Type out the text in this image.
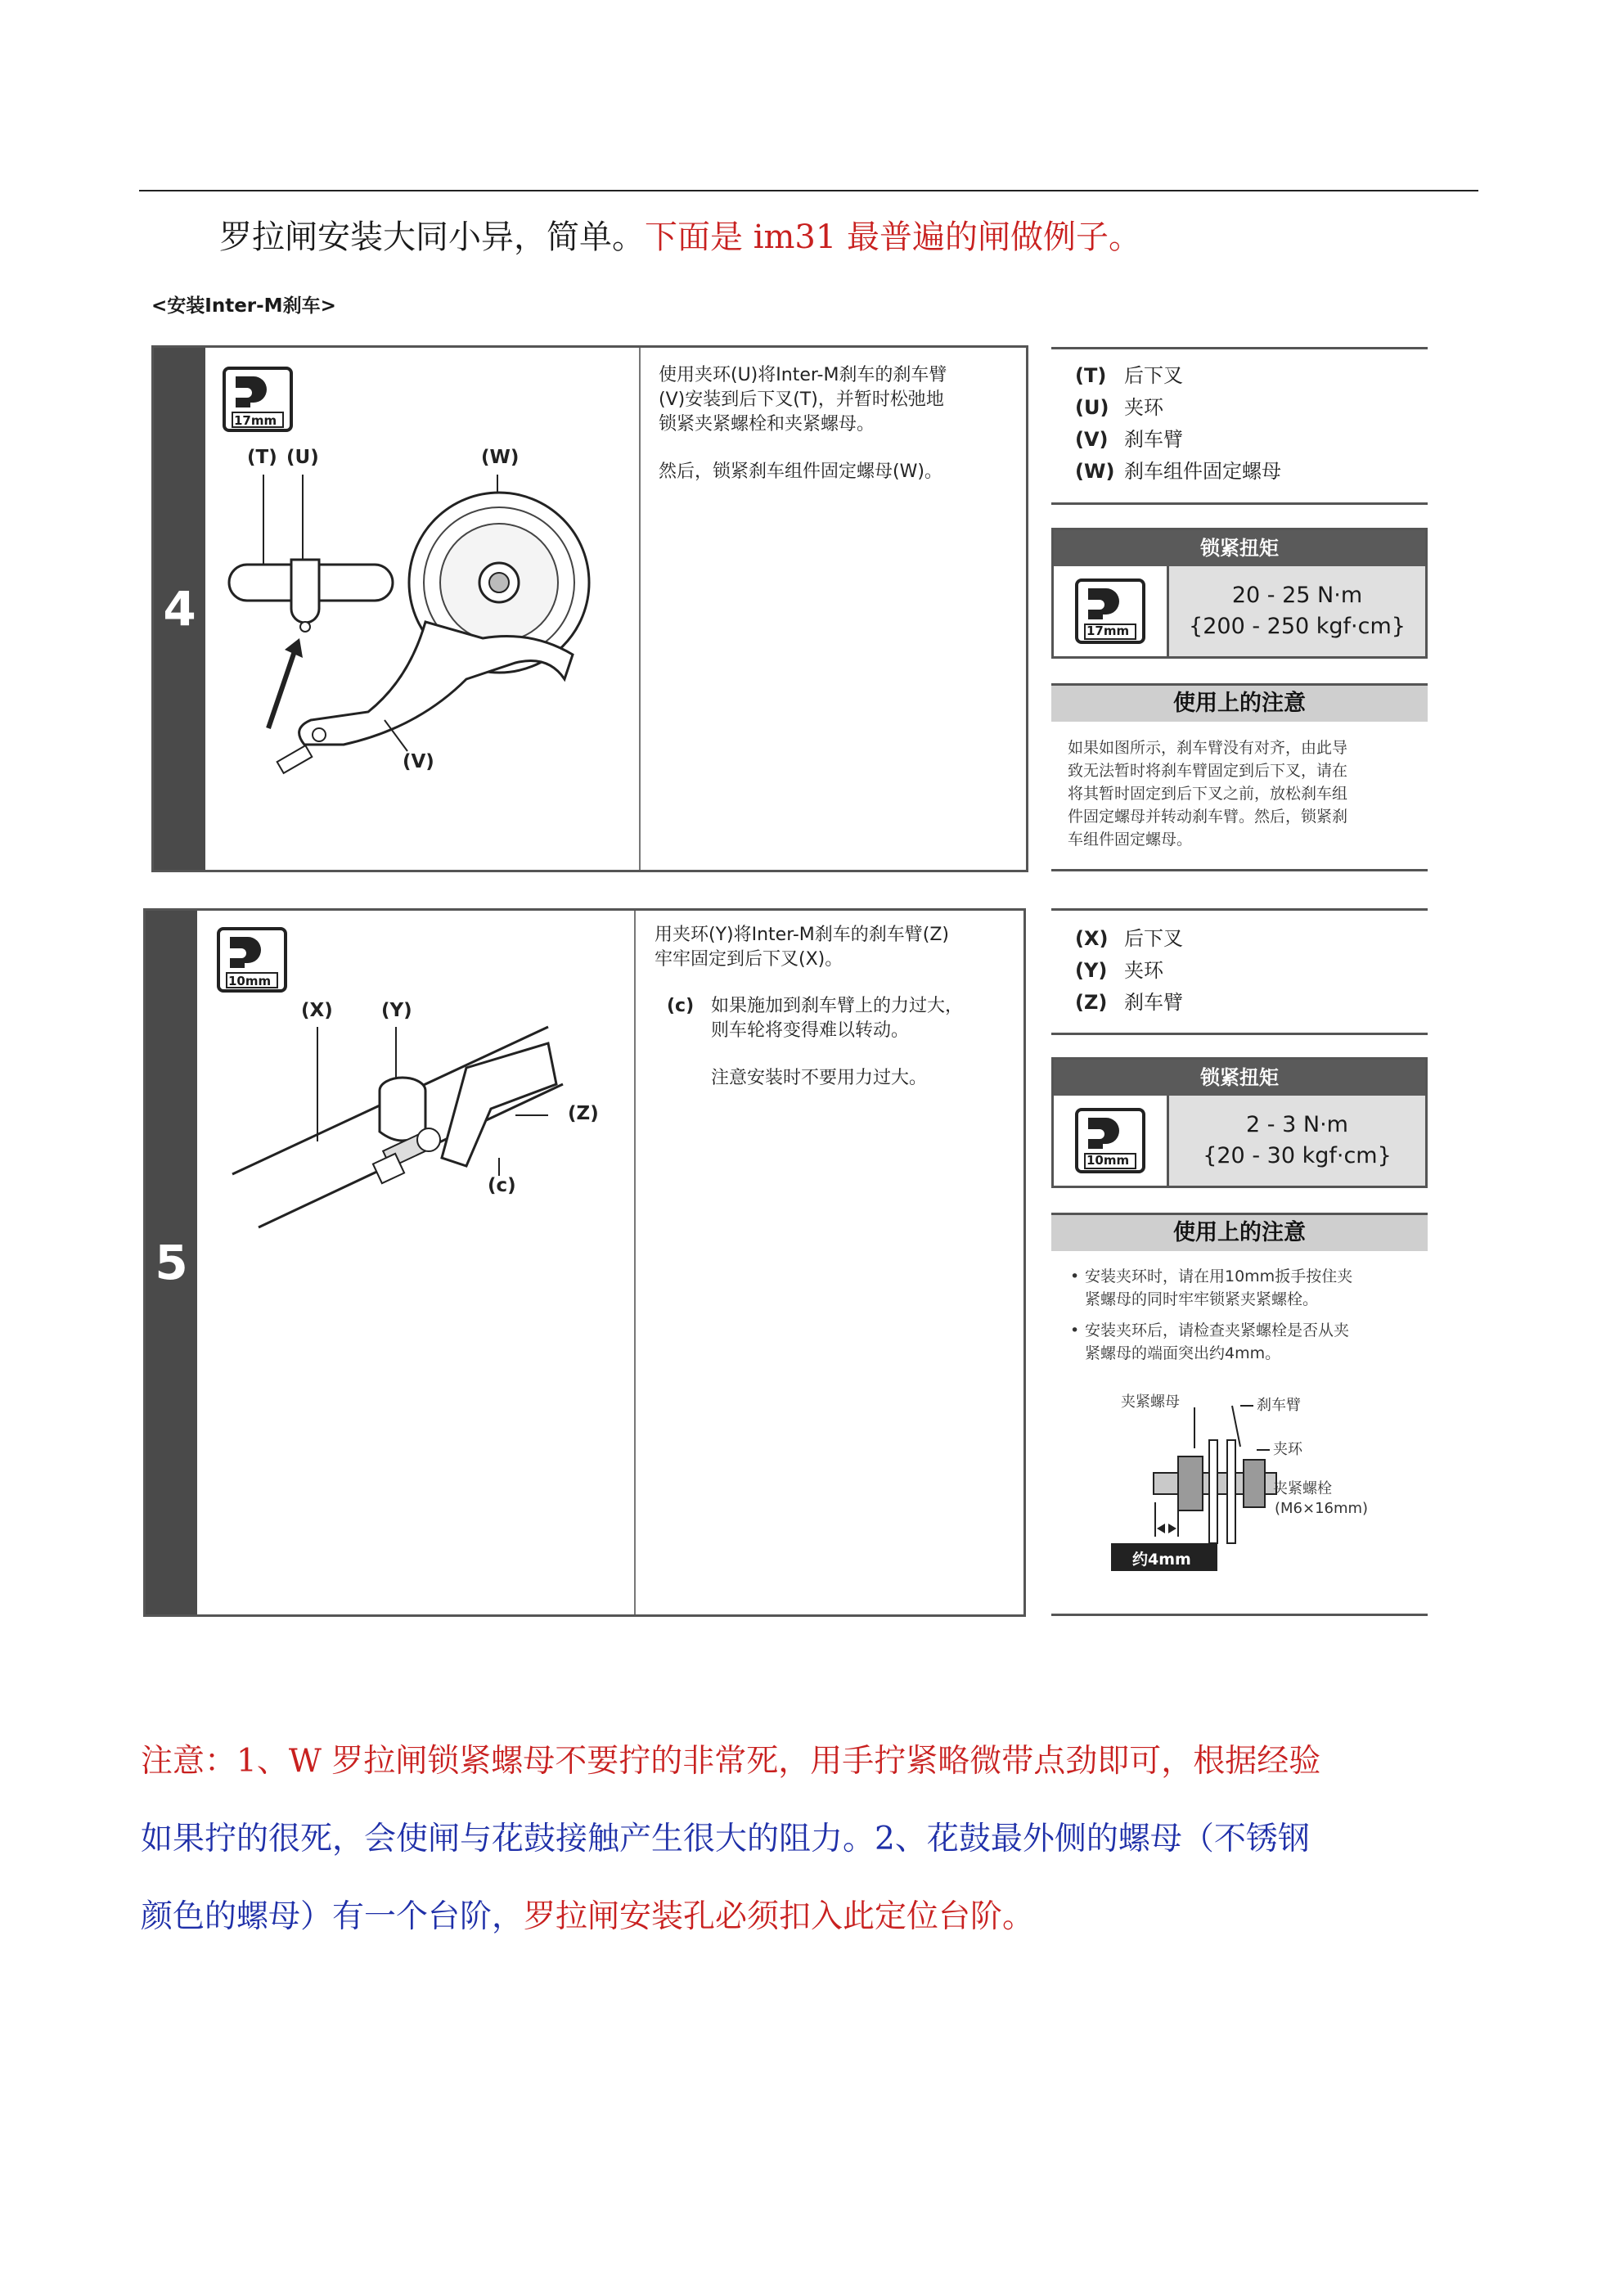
罗拉闸安装大同小异，简单。下面是 im31 最普遍的闸做例子。
<安装Inter-M刹车>
4
17mm
(T) (U)	(W)
(V)
使用夹环(U)将Inter-M刹车的刹车臂
(V)安装到后下叉(T)，并暂时松弛地
锁紧夹紧螺栓和夹紧螺母。
然后，锁紧刹车组件固定螺母(W)。
(T) 后下叉
(U) 夹环
(V) 刹车臂
(W) 刹车组件固定螺母
锁紧扭矩
17mm
20 - 25 N·m
{200 - 250 kgf·cm}
使用上的注意
如果如图所示，刹车臂没有对齐，由此导
致无法暂时将刹车臂固定到后下叉，请在
将其暂时固定到后下叉之前，放松刹车组
件固定螺母并转动刹车臂。然后，锁紧刹
车组件固定螺母。
5
10mm
(X)	(Y)
(Z)
(c)
用夹环(Y)将Inter-M刹车的刹车臂(Z)
牢牢固定到后下叉(X)。
(c) 如果施加到刹车臂上的力过大，
则车轮将变得难以转动。
注意安装时不要用力过大。
(X) 后下叉
(Y) 夹环
(Z) 刹车臂
锁紧扭矩
10mm
2 - 3 N·m
{20 - 30 kgf·cm}
使用上的注意
• 安装夹环时，请在用10mm扳手按住夹
紧螺母的同时牢牢锁紧夹紧螺栓。
• 安装夹环后，请检查夹紧螺栓是否从夹
紧螺母的端面突出约4mm。
夹紧螺母	刹车臂
夹环
夹紧螺栓
(M6×16mm)
约4mm
注意：1、W 罗拉闸锁紧螺母不要拧的非常死，用手拧紧略微带点劲即可，根据经验
如果拧的很死，会使闸与花鼓接触产生很大的阻力。2、花鼓最外侧的螺母（不锈钢
颜色的螺母）有一个台阶，罗拉闸安装孔必须扣入此定位台阶。
